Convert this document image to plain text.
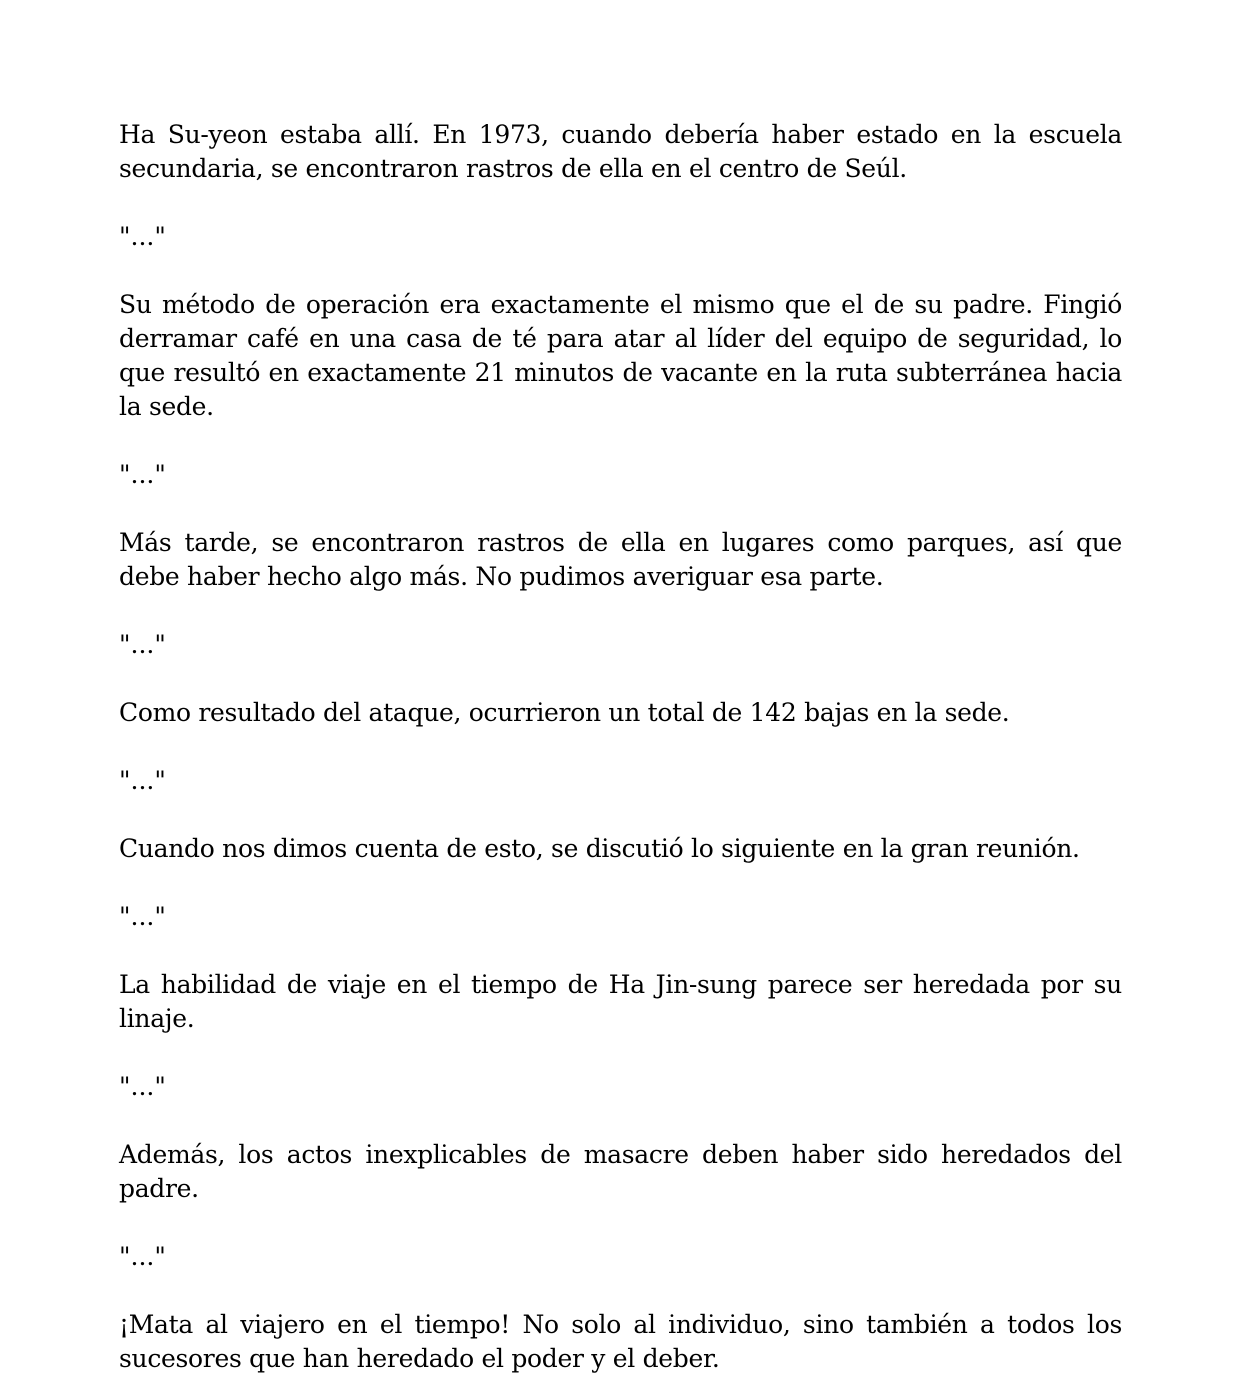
Ha Su-yeon estaba allí. En 1973, cuando debería haber estado en la escuela secundaria, se encontraron rastros de ella en el centro de Seúl.

"..."

Su método de operación era exactamente el mismo que el de su padre. Fingió derramar café en una casa de té para atar al líder del equipo de seguridad, lo que resultó en exactamente 21 minutos de vacante en la ruta subterránea hacia la sede.

"..."

Más tarde, se encontraron rastros de ella en lugares como parques, así que debe haber hecho algo más. No pudimos averiguar esa parte.

"..."

Como resultado del ataque, ocurrieron un total de 142 bajas en la sede.

"..."

Cuando nos dimos cuenta de esto, se discutió lo siguiente en la gran reunión.

"..."

La habilidad de viaje en el tiempo de Ha Jin-sung parece ser heredada por su linaje.

"..."

Además, los actos inexplicables de masacre deben haber sido heredados del padre.

"..."

¡Mata al viajero en el tiempo! No solo al individuo, sino también a todos los sucesores que han heredado el poder y el deber.
